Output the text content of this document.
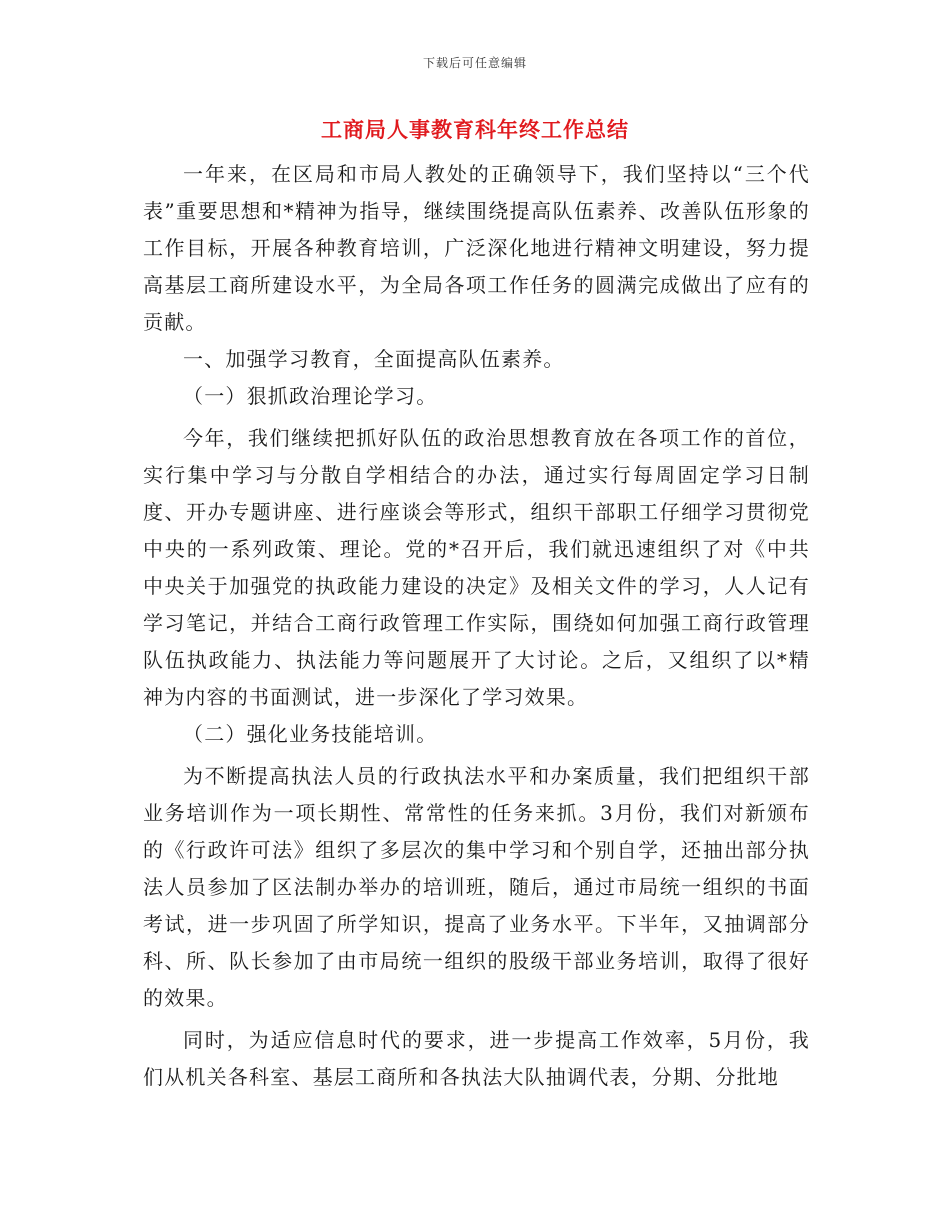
下载后可任意编辑
工商局人事教育科年终工作总结

一年来，在区局和市局人教处的正确领导下，我们坚持以“三个代表”重要思想和*精神为指导，继续围绕提高队伍素养、改善队伍形象的工作目标，开展各种教育培训，广泛深化地进行精神文明建设，努力提高基层工商所建设水平，为全局各项工作任务的圆满完成做出了应有的贡献。

一、加强学习教育，全面提高队伍素养。

（一）狠抓政治理论学习。

今年，我们继续把抓好队伍的政治思想教育放在各项工作的首位，实行集中学习与分散自学相结合的办法，通过实行每周固定学习日制度、开办专题讲座、进行座谈会等形式，组织干部职工仔细学习贯彻党中央的一系列政策、理论。党的*召开后，我们就迅速组织了对《中共中央关于加强党的执政能力建设的决定》及相关文件的学习，人人记有学习笔记，并结合工商行政管理工作实际，围绕如何加强工商行政管理队伍执政能力、执法能力等问题展开了大讨论。之后，又组织了以*精神为内容的书面测试，进一步深化了学习效果。

（二）强化业务技能培训。

为不断提高执法人员的行政执法水平和办案质量，我们把组织干部业务培训作为一项长期性、常常性的任务来抓。3月份，我们对新颁布的《行政许可法》组织了多层次的集中学习和个别自学，还抽出部分执法人员参加了区法制办举办的培训班，随后，通过市局统一组织的书面考试，进一步巩固了所学知识，提高了业务水平。下半年，又抽调部分科、所、队长参加了由市局统一组织的股级干部业务培训，取得了很好的效果。

同时，为适应信息时代的要求，进一步提高工作效率，5月份，我们从机关各科室、基层工商所和各执法大队抽调代表，分期、分批地
